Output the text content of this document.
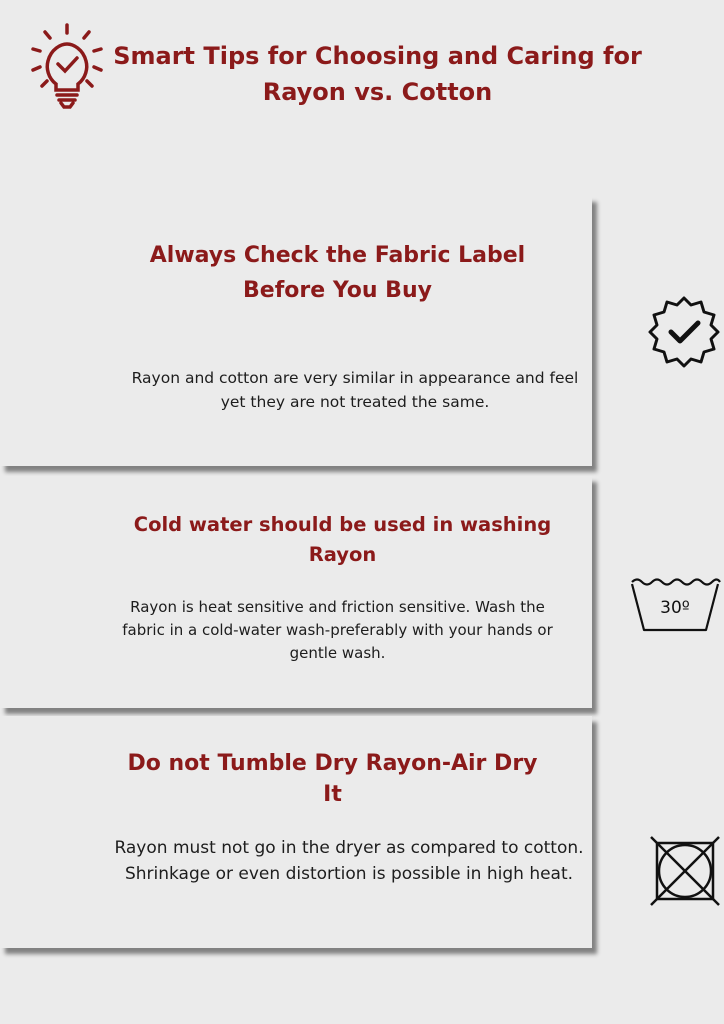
Smart Tips for Choosing and Caring for Rayon vs. Cotton
Always Check the Fabric Label Before You Buy

Rayon and cotton are very similar in appearance and feel yet they are not treated the same.

Cold water should be used in washing Rayon

Rayon is heat sensitive and friction sensitive. Wash the fabric in a cold-water wash-preferably with your hands or gentle wash.

Do not Tumble Dry Rayon-Air Dry It

Rayon must not go in the dryer as compared to cotton. Shrinkage or even distortion is possible in high heat.

30º
